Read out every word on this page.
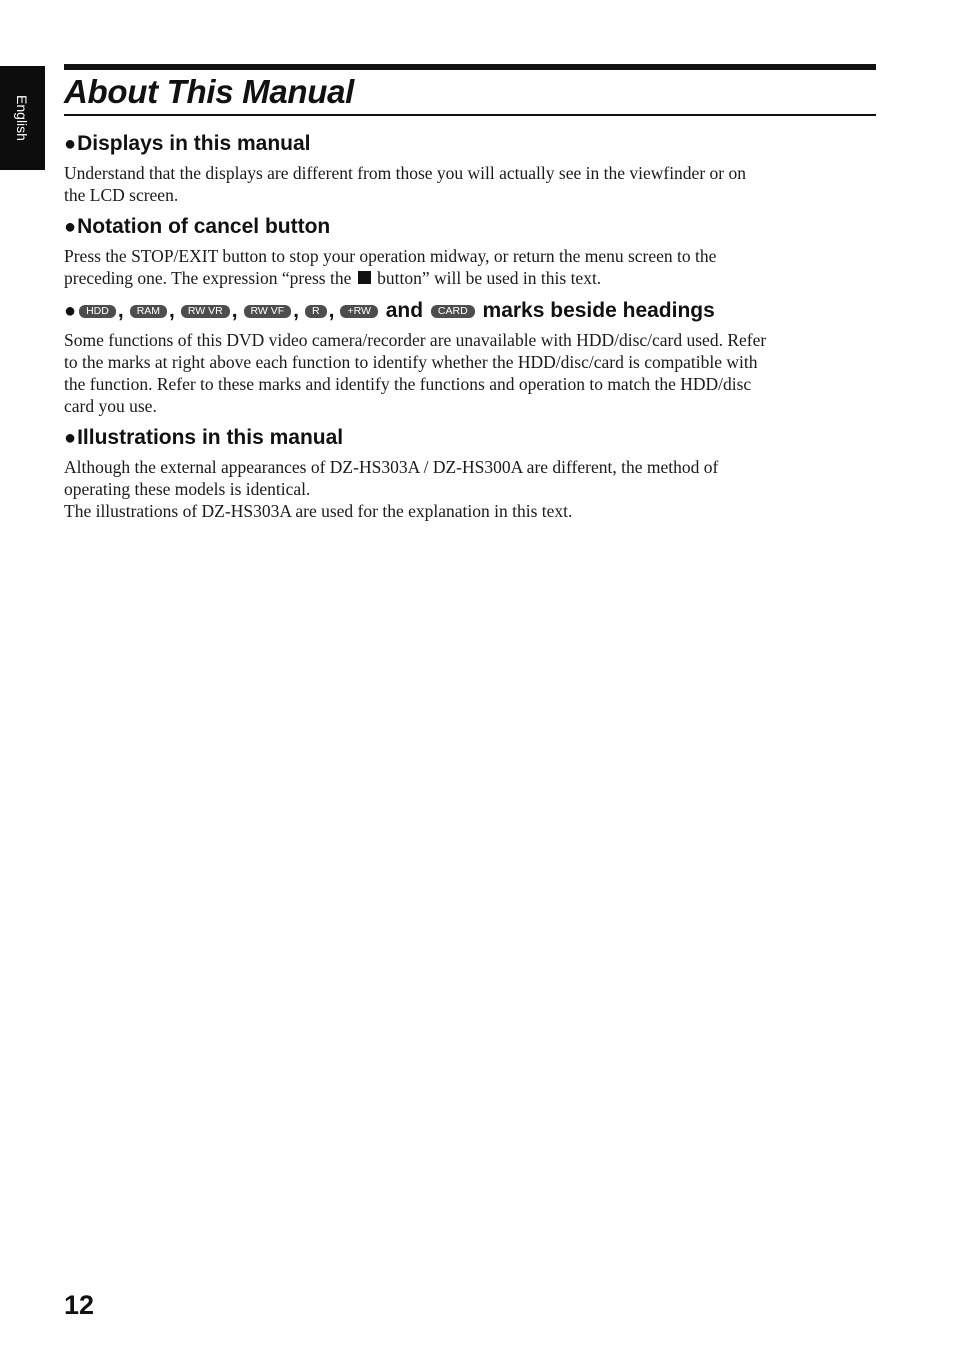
English
About This Manual
●Displays in this manual

Understand that the displays are different from those you will actually see in the viewfinder or on
the LCD screen.

●Notation of cancel button

Press the STOP/EXIT button to stop your operation midway, or return the menu screen to the
preceding one. The expression “press the button” will be used in this text.

● HDD , RAM , RW VR , RW VF , R , +RW and CARD marks beside headings

Some functions of this DVD video camera/recorder are unavailable with HDD/disc/card used. Refer
to the marks at right above each function to identify whether the HDD/disc/card is compatible with
the function. Refer to these marks and identify the functions and operation to match the HDD/disc
card you use.

●Illustrations in this manual

Although the external appearances of DZ-HS303A / DZ-HS300A are different, the method of
operating these models is identical.
The illustrations of DZ-HS303A are used for the explanation in this text.

12
